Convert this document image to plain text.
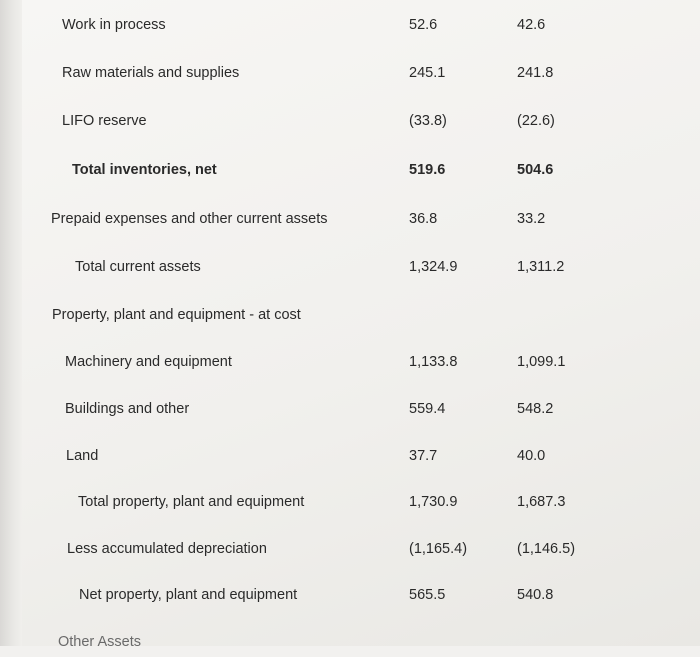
Work in process	52.6	42.6
Raw materials and supplies	245.1	241.8
LIFO reserve	(33.8)	(22.6)
Total inventories, net	519.6	504.6
Prepaid expenses and other current assets	36.8	33.2
Total current assets	1,324.9	1,311.2
Property, plant and equipment - at cost
Machinery and equipment	1,133.8	1,099.1
Buildings and other	559.4	548.2
Land	37.7	40.0
Total property, plant and equipment	1,730.9	1,687.3
Less accumulated depreciation	(1,165.4)	(1,146.5)
Net property, plant and equipment	565.5	540.8
Other Assets
